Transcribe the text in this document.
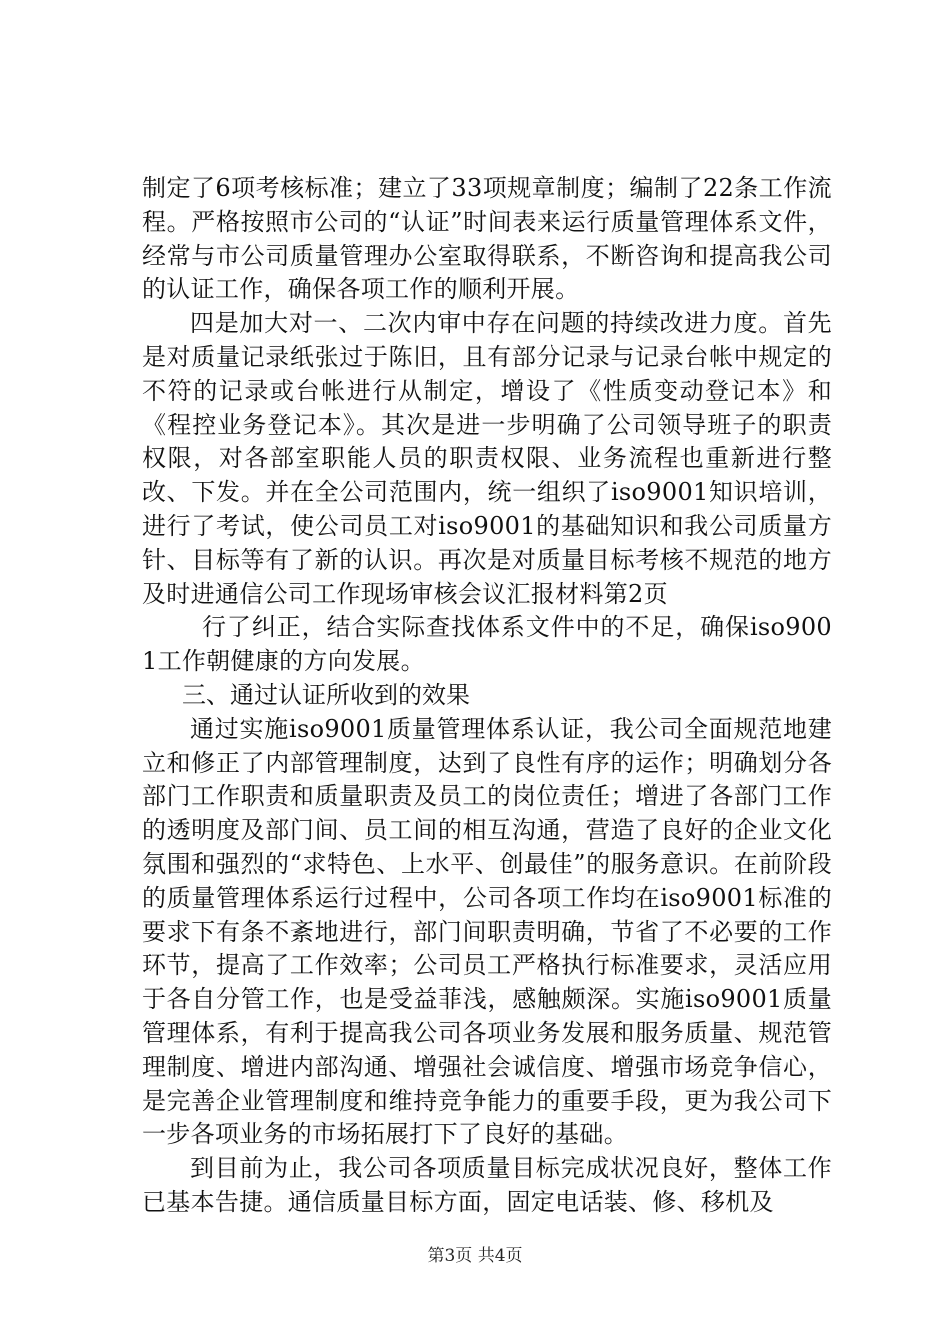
制定了6项考核标准；建立了33项规章制度；编制了22条工作流程。严格按照市公司的“认证”时间表来运行质量管理体系文件，经常与市公司质量管理办公室取得联系，不断咨询和提高我公司的认证工作，确保各项工作的顺利开展。

四是加大对一、二次内审中存在问题的持续改进力度。首先是对质量记录纸张过于陈旧，且有部分记录与记录台帐中规定的不符的记录或台帐进行从制定，增设了《性质变动登记本》和《程控业务登记本》。其次是进一步明确了公司领导班子的职责权限，对各部室职能人员的职责权限、业务流程也重新进行整改、下发。并在全公司范围内，统一组织了iso9001知识培训，进行了考试，使公司员工对iso9001的基础知识和我公司质量方针、目标等有了新的认识。再次是对质量目标考核不规范的地方及时进通信公司工作现场审核会议汇报材料第2页

行了纠正，结合实际查找体系文件中的不足，确保iso9001工作朝健康的方向发展。

三、通过认证所收到的效果

通过实施iso9001质量管理体系认证，我公司全面规范地建立和修正了内部管理制度，达到了良性有序的运作；明确划分各部门工作职责和质量职责及员工的岗位责任；增进了各部门工作的透明度及部门间、员工间的相互沟通，营造了良好的企业文化氛围和强烈的“求特色、上水平、创最佳”的服务意识。在前阶段的质量管理体系运行过程中，公司各项工作均在iso9001标准的要求下有条不紊地进行，部门间职责明确，节省了不必要的工作环节，提高了工作效率；公司员工严格执行标准要求，灵活应用于各自分管工作，也是受益菲浅，感触颇深。实施iso9001质量管理体系，有利于提高我公司各项业务发展和服务质量、规范管理制度、增进内部沟通、增强社会诚信度、增强市场竞争信心，是完善企业管理制度和维持竞争能力的重要手段，更为我公司下一步各项业务的市场拓展打下了良好的基础。

到目前为止，我公司各项质量目标完成状况良好，整体工作已基本告捷。通信质量目标方面，固定电话装、修、移机及

第3页 共4页
